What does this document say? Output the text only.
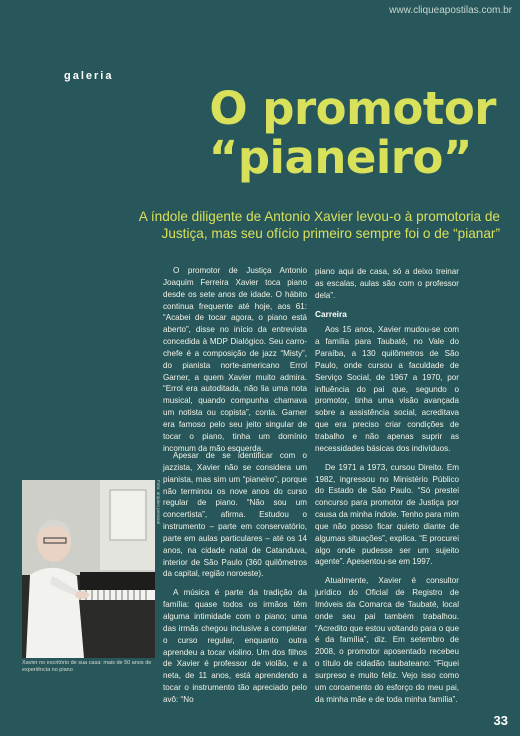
www.cliqueapostilas.com.br
galeria
O promotor
“pianeiro”
A índole diligente de Antonio Xavier levou-o à promotoria de Justiça, mas seu ofício primeiro sempre foi o de “pianar”

O promotor de Justiça Antonio Joaquim Ferreira Xavier toca piano desde os sete anos de idade. O hábito continua frequente até hoje, aos 61: “Acabei de tocar agora, o piano está aberto”, disse no início da entrevista concedida à MDP Dialógico. Seu carro-chefe é a composição de jazz “Misty”, do pianista norte-americano Errol Garner, a quem Xavier muito admira. “Errol era autoditada, não lia uma nota musical, quando compunha chamava um notista ou copista”, conta. Garner era famoso pelo seu jeito singular de tocar o piano, tinha um domínio incomum da mão esquerda.

Apesar de se identificar com o jazzista, Xavier não se considera um pianista, mas sim um “pianeiro”, porque não terminou os nove anos do curso regular de piano. “Não sou um concertista”, afirma. Estudou o instrumento – parte em conservatório, parte em aulas particulares – até os 14 anos, na cidade natal de Catanduva, interior de São Paulo (360 quilômetros da capital, região noroeste).

A música é parte da tradição da família: quase todos os irmãos têm alguma intimidade com o piano; uma das irmãs chegou inclusive a completar o curso regular, enquanto outra aprendeu a tocar violino. Um dos filhos de Xavier é professor de violão, e a neta, de 11 anos, está aprendendo a tocar o instrumento tão apreciado pelo avô: “No

piano aqui de casa, só a deixo treinar as escalas, aulas são com o professor dela”.

Carreira

Aos 15 anos, Xavier mudou-se com a família para Taubaté, no Vale do Paraíba, a 130 quilômetros de São Paulo, onde cursou a faculdade de Serviço Social, de 1967 a 1970, por influência do pai que, segundo o promotor, tinha uma visão avançada sobre a assistência social, acreditava que era preciso criar condições de trabalho e não apenas suprir as necessidades básicas dos indivíduos.

De 1971 a 1973, cursou Direito. Em 1982, ingressou no Ministério Público do Estado de São Paulo. “Só prestei concurso para promotor de Justiça por causa da minha índole. Tenho para mim que não posso ficar quieto diante de algumas situações”, explica. “E procurei algo onde pudesse ser um sujeito agente”. Apesentou-se em 1997.

Atualmente, Xavier é consultor jurídico do Oficial de Registro de Imóveis da Comarca de Taubaté, local onde seu pai também trabalhou. “Acredito que estou voltando para o que é da família”, diz. Em setembro de 2008, o promotor aposentado recebeu o título de cidadão taubateano: “Fiquei surpreso e muito feliz. Vejo isso como um coroamento do esforço do meu pai, da minha mãe e de toda minha família”.

Foto: arquivo pessoal
Xavier no escritório de sua casa: mais de 50 anos de experiência no piano
33
